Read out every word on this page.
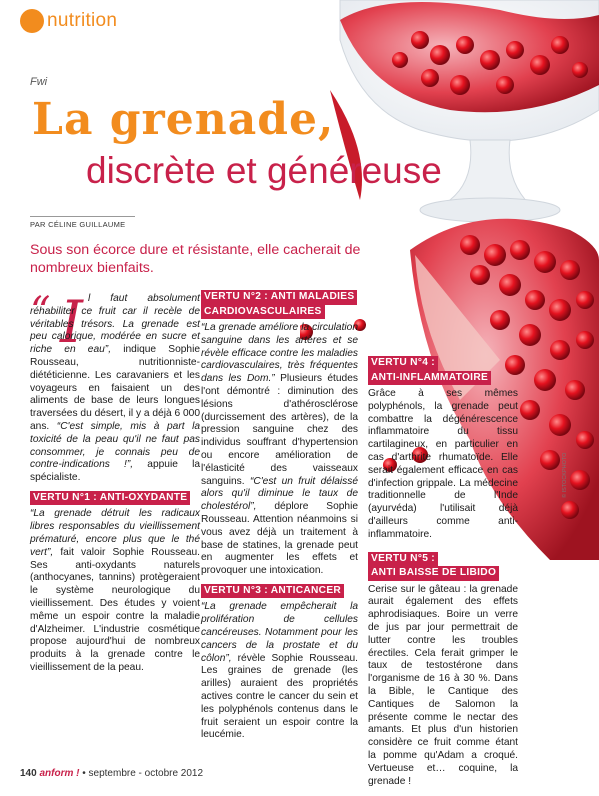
nutrition
Fwi
La grenade,
discrète et généreuse
PAR CÉLINE GUILLAUME
Sous son écorce dure et résistante, elle cacherait de nombreux bienfaits.
“ I l faut absolument réhabiliter ce fruit car il recèle de véritables trésors. La grenade est peu calorique, modérée en sucre et riche en eau”, indique Sophie Rousseau, nutritionniste-diététicienne. Les caravaniers et les voyageurs en faisaient un des aliments de base de leurs longues traversées du désert, il y a déjà 6 000 ans. “C'est simple, mis à part la toxicité de la peau qu'il ne faut pas consommer, je connais peu de contre-indications !”, appuie la spécialiste.

VERTU N°1 : ANTI-OXYDANTE

“La grenade détruit les radicaux libres responsables du vieillissement prématuré, encore plus que le thé vert”, fait valoir Sophie Rousseau. Ses anti-oxydants naturels (anthocyanes, tannins) protègeraient le système neurologique du vieillissement. Des études y voient même un espoir contre la maladie d'Alzheimer. L'industrie cosmétique propose aujourd'hui de nombreux produits à la grenade contre le vieillissement de la peau.

VERTU N°2 : ANTI MALADIES
CARDIOVASCULAIRES

“La grenade améliore la circulation sanguine dans les artères et se révèle efficace contre les maladies cardiovasculaires, très fréquentes dans les Dom.” Plusieurs études l'ont démontré : diminution des lésions d'athérosclérose (durcissement des artères), de la pression sanguine chez des individus souffrant d'hypertension ou encore amélioration de l'élasticité des vaisseaux sanguins. “C'est un fruit délaissé alors qu'il diminue le taux de cholestérol”, déplore Sophie Rousseau. Attention néanmoins si vous avez déjà un traitement à base de statines, la grenade peut en augmenter les effets et provoquer une intoxication.

VERTU N°3 : ANTICANCER

“La grenade empêcherait la prolifération de cellules cancéreuses. Notamment pour les cancers de la prostate et du côlon”, révèle Sophie Rousseau. Les graines de grenade (les arilles) auraient des propriétés actives contre le cancer du sein et les polyphénols contenus dans le fruit seraient un espoir contre la leucémie.

VERTU N°4 :
ANTI-INFLAMMATOIRE

Grâce à ses mêmes polyphénols, la grenade peut combattre la dégénérescence inflammatoire du tissu cartilagineux, en particulier en cas d'arthrite rhumatoïde. Elle serait également efficace en cas d'infection grippale. La médecine traditionnelle de l'Inde (ayurvéda) l'utilisait déjà d'ailleurs comme anti-inflammatoire.

VERTU N°5 :
ANTI BAISSE DE LIBIDO

Cerise sur le gâteau : la grenade aurait également des effets aphrodisiaques. Boire un verre de jus par jour permettrait de lutter contre les troubles érectiles. Cela ferait grimper le taux de testostérone dans l'organisme de 16 à 30 %. Dans la Bible, le Cantique des Cantiques de Salomon la présente comme le nectar des amants. Et plus d'un historien considère ce fruit comme étant la pomme qu'Adam a croqué. Vertueuse et… coquine, la grenade !

© ISTOCKPHOTO
140 anform ! • septembre - octobre 2012
